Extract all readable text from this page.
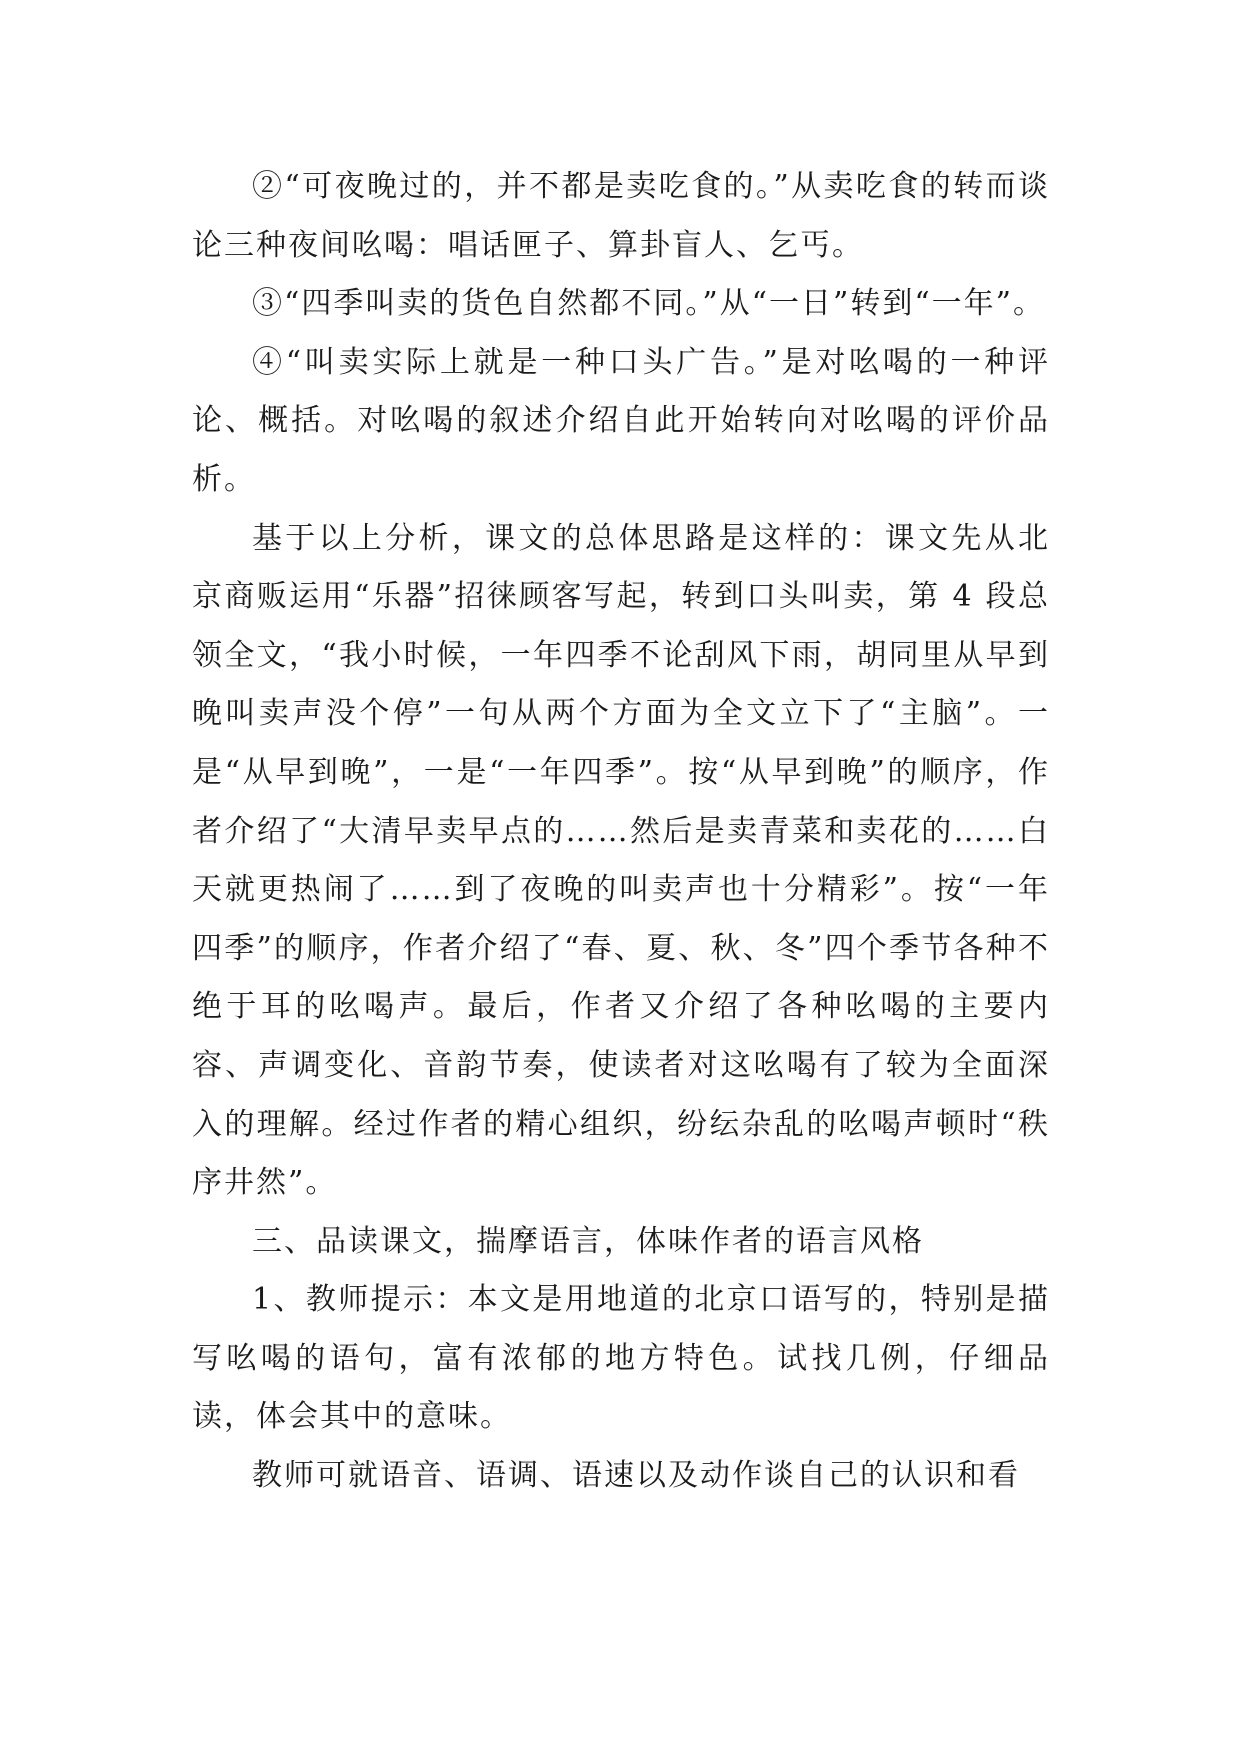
②“可夜晚过的，并不都是卖吃食的。”从卖吃食的转而谈论三种夜间吆喝：唱话匣子、算卦盲人、乞丐。

③“四季叫卖的货色自然都不同。”从“一日”转到“一年”。

④“叫卖实际上就是一种口头广告。”是对吆喝的一种评论、概括。对吆喝的叙述介绍自此开始转向对吆喝的评价品析。

基于以上分析，课文的总体思路是这样的：课文先从北京商贩运用“乐器”招徕顾客写起，转到口头叫卖，第 4 段总领全文，“我小时候，一年四季不论刮风下雨，胡同里从早到晚叫卖声没个停”一句从两个方面为全文立下了“主脑”。一是“从早到晚”，一是“一年四季”。按“从早到晚”的顺序，作者介绍了“大清早卖早点的……然后是卖青菜和卖花的……白天就更热闹了……到了夜晚的叫卖声也十分精彩”。按“一年四季”的顺序，作者介绍了“春、夏、秋、冬”四个季节各种不绝于耳的吆喝声。最后，作者又介绍了各种吆喝的主要内容、声调变化、音韵节奏，使读者对这吆喝有了较为全面深入的理解。经过作者的精心组织，纷纭杂乱的吆喝声顿时“秩序井然”。

三、品读课文，揣摩语言，体味作者的语言风格

1、教师提示：本文是用地道的北京口语写的，特别是描写吆喝的语句，富有浓郁的地方特色。试找几例，仔细品读，体会其中的意味。

教师可就语音、语调、语速以及动作谈自己的认识和看
